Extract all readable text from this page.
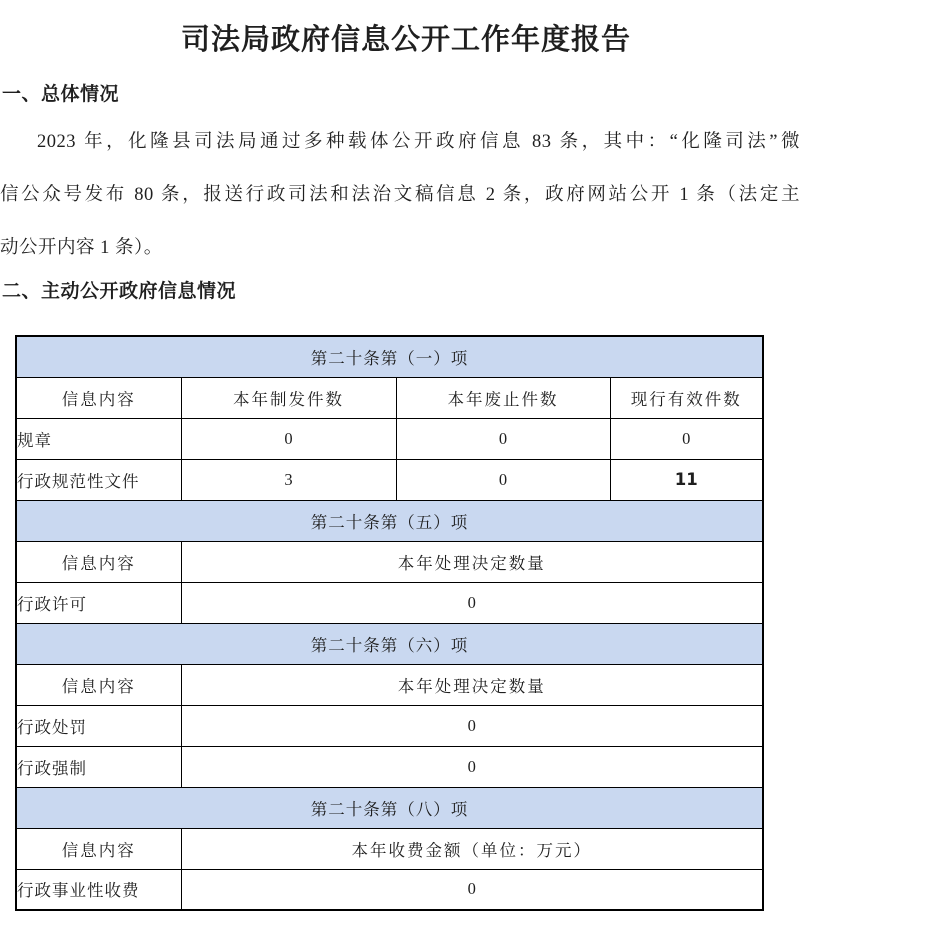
司法局政府信息公开工作年度报告
一、总体情况
2023 年，化隆县司法局通过多种载体公开政府信息 83 条，其中：“化隆司法”微
信公众号发布 80 条，报送行政司法和法治文稿信息 2 条，政府网站公开 1 条（法定主
动公开内容 1 条）。
二、主动公开政府信息情况
第二十条第（一）项			
信息内容	本年制发件数	本年废止件数	现行有效件数
规章	0	0	0
行政规范性文件	3	0	11
第二十条第（五）项			
信息内容	本年处理决定数量		
行政许可	0		
第二十条第（六）项			
信息内容	本年处理决定数量		
行政处罚	0		
行政强制	0		
第二十条第（八）项			
信息内容	本年收费金额（单位：万元）		
行政事业性收费	0		
